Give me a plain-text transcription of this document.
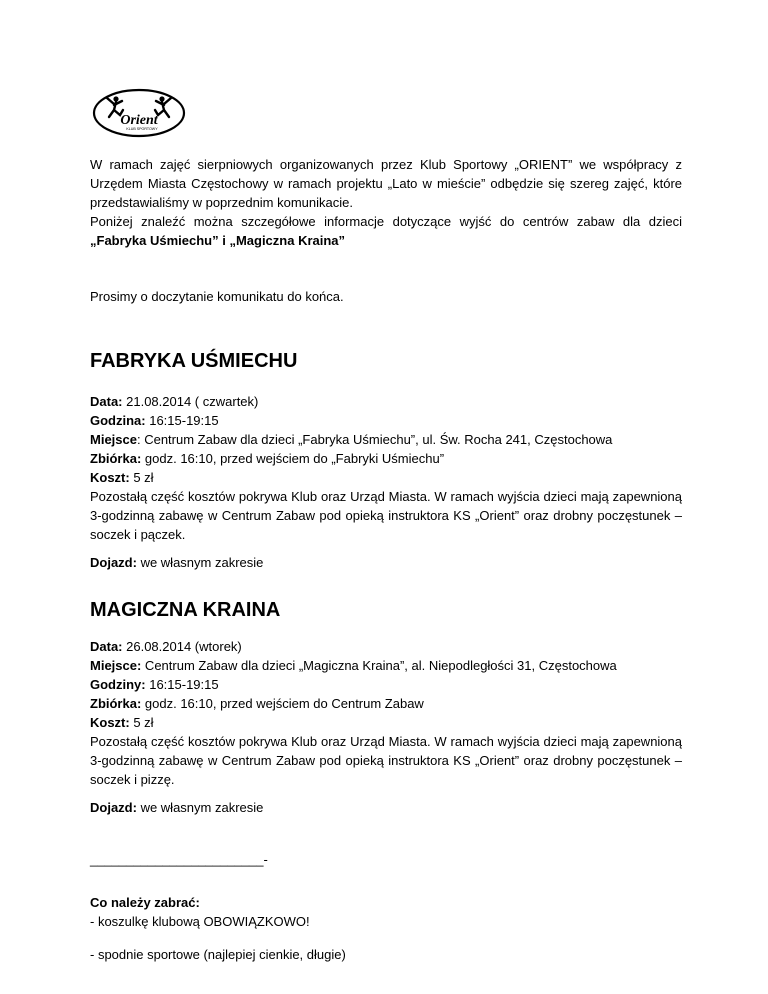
Orient
KLUB SPORTOWY
W ramach zajęć sierpniowych organizowanych przez Klub Sportowy „ORIENT” we współpracy z
Urzędem Miasta Częstochowy w ramach projektu „Lato w mieście” odbędzie się szereg zajęć, które
przedstawialiśmy w poprzednim komunikacie.
Poniżej znaleźć można szczegółowe informacje dotyczące wyjść do centrów zabaw dla dzieci
„Fabryka Uśmiechu” i „Magiczna Kraina”
Prosimy o doczytanie komunikatu do końca.
FABRYKA UŚMIECHU
Data: 21.08.2014 ( czwartek)
Godzina: 16:15-19:15
Miejsce: Centrum Zabaw dla dzieci „Fabryka Uśmiechu”, ul. Św. Rocha 241, Częstochowa
Zbiórka: godz. 16:10, przed wejściem do „Fabryki Uśmiechu”
Koszt: 5 zł
Pozostałą część kosztów pokrywa Klub oraz Urząd Miasta. W ramach wyjścia dzieci mają zapewnioną
3-godzinną zabawę w Centrum Zabaw pod opieką instruktora KS „Orient” oraz drobny poczęstunek –
soczek i pączek.
Dojazd: we własnym zakresie
MAGICZNA KRAINA
Data: 26.08.2014 (wtorek)
Miejsce: Centrum Zabaw dla dzieci „Magiczna Kraina”, al. Niepodległości 31, Częstochowa
Godziny: 16:15-19:15
Zbiórka: godz. 16:10, przed wejściem do Centrum Zabaw
Koszt: 5 zł
Pozostałą część kosztów pokrywa Klub oraz Urząd Miasta. W ramach wyjścia dzieci mają zapewnioną
3-godzinną zabawę w Centrum Zabaw pod opieką instruktora KS „Orient” oraz drobny poczęstunek –
soczek i pizzę.
Dojazd: we własnym zakresie
________________________-
Co należy zabrać:
- koszulkę klubową OBOWIĄZKOWO!
- spodnie sportowe (najlepiej cienkie, długie)
